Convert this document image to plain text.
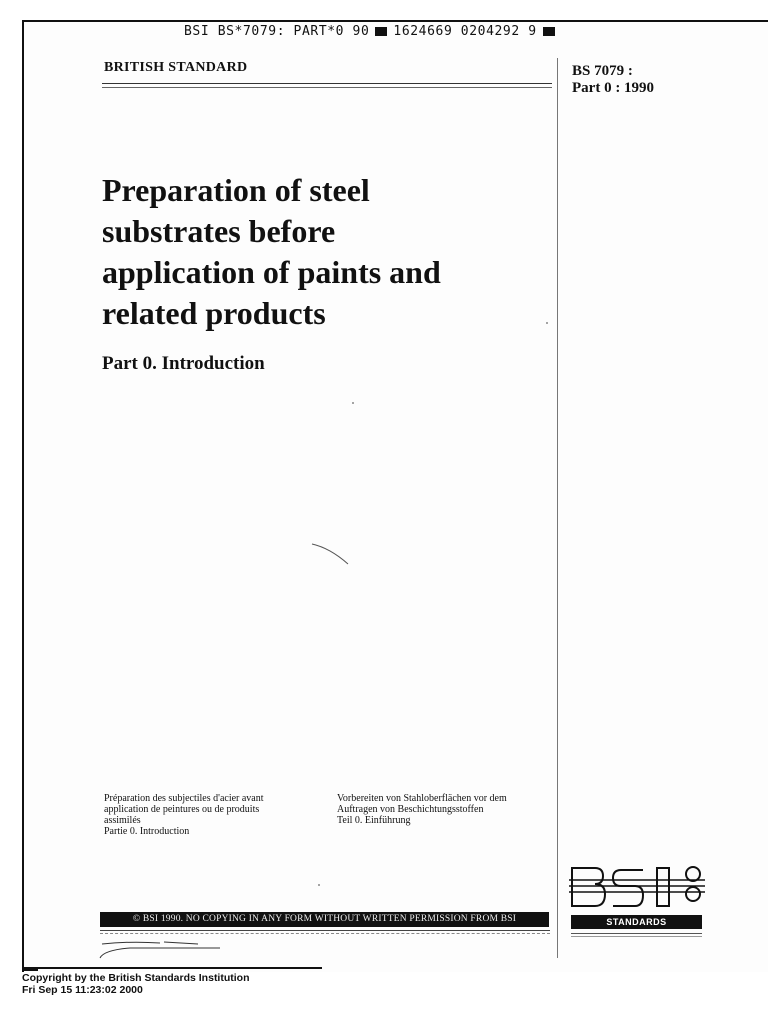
BSI BS*7079: PART*0 90 1624669 0204292 9
BRITISH STANDARD	BS 7079 :
Part 0 : 1990
Preparation of steel
substrates before
application of paints and
related products
Part 0. Introduction

Préparation des subjectiles d'acier avant

application de peintures ou de produits

assimilés

Partie 0. Introduction

Vorbereiten von Stahloberflächen vor dem

Auftragen von Beschichtungsstoffen

Teil 0. Einführung

© BSI 1990. NO COPYING IN ANY FORM WITHOUT WRITTEN PERMISSION FROM BSI	STANDARDS
Copyright by the British Standards Institution
Fri Sep 15 11:23:02 2000
